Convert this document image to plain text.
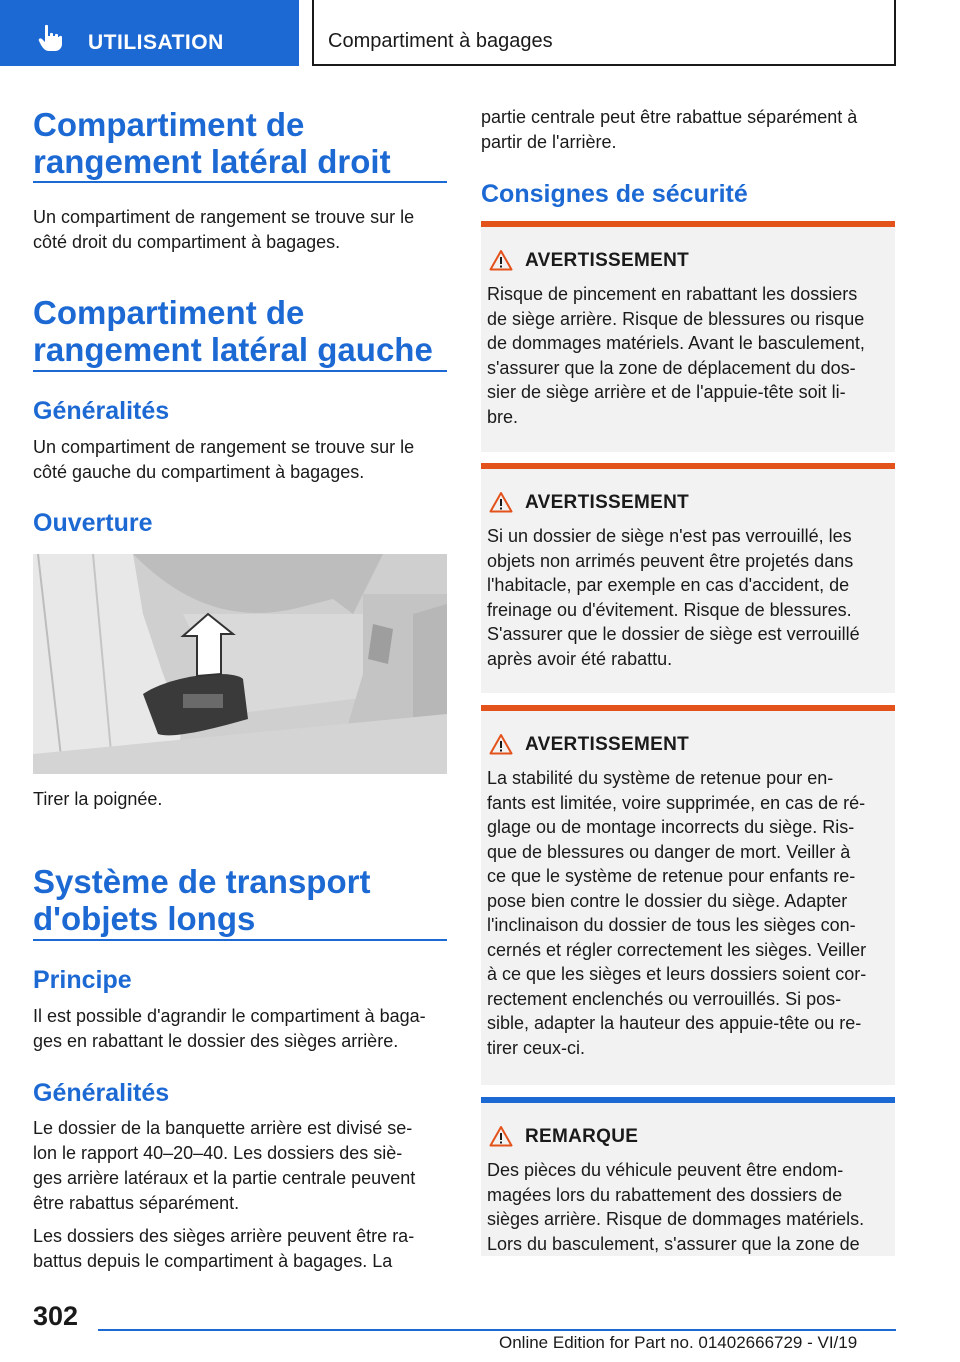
UTILISATION	Compartiment à bagages
Compartiment de
rangement latéral droit
Un compartiment de rangement se trouve sur le
côté droit du compartiment à bagages.
Compartiment de
rangement latéral gauche
Généralités
Un compartiment de rangement se trouve sur le
côté gauche du compartiment à bagages.
Ouverture
Tirer la poignée.
Système de transport
d'objets longs
Principe
Il est possible d'agrandir le compartiment à baga-
ges en rabattant le dossier des sièges arrière.
Généralités
Le dossier de la banquette arrière est divisé se-
lon le rapport 40–20–40. Les dossiers des siè-
ges arrière latéraux et la partie centrale peuvent
être rabattus séparément.
Les dossiers des sièges arrière peuvent être ra-
battus depuis le compartiment à bagages. La
partie centrale peut être rabattue séparément à
partir de l'arrière.
Consignes de sécurité
AVERTISSEMENT
Risque de pincement en rabattant les dossiers
de siège arrière. Risque de blessures ou risque
de dommages matériels. Avant le basculement,
s'assurer que la zone de déplacement du dos-
sier de siège arrière et de l'appuie-tête soit li-
bre.
AVERTISSEMENT
Si un dossier de siège n'est pas verrouillé, les
objets non arrimés peuvent être projetés dans
l'habitacle, par exemple en cas d'accident, de
freinage ou d'évitement. Risque de blessures.
S'assurer que le dossier de siège est verrouillé
après avoir été rabattu.
AVERTISSEMENT
La stabilité du système de retenue pour en-
fants est limitée, voire supprimée, en cas de ré-
glage ou de montage incorrects du siège. Ris-
que de blessures ou danger de mort. Veiller à
ce que le système de retenue pour enfants re-
pose bien contre le dossier du siège. Adapter
l'inclinaison du dossier de tous les sièges con-
cernés et régler correctement les sièges. Veiller
à ce que les sièges et leurs dossiers soient cor-
rectement enclenchés ou verrouillés. Si pos-
sible, adapter la hauteur des appuie-tête ou re-
tirer ceux-ci.
REMARQUE
Des pièces du véhicule peuvent être endom-
magées lors du rabattement des dossiers de
sièges arrière. Risque de dommages matériels.
Lors du basculement, s'assurer que la zone de
302
Online Edition for Part no. 01402666729 - VI/19
